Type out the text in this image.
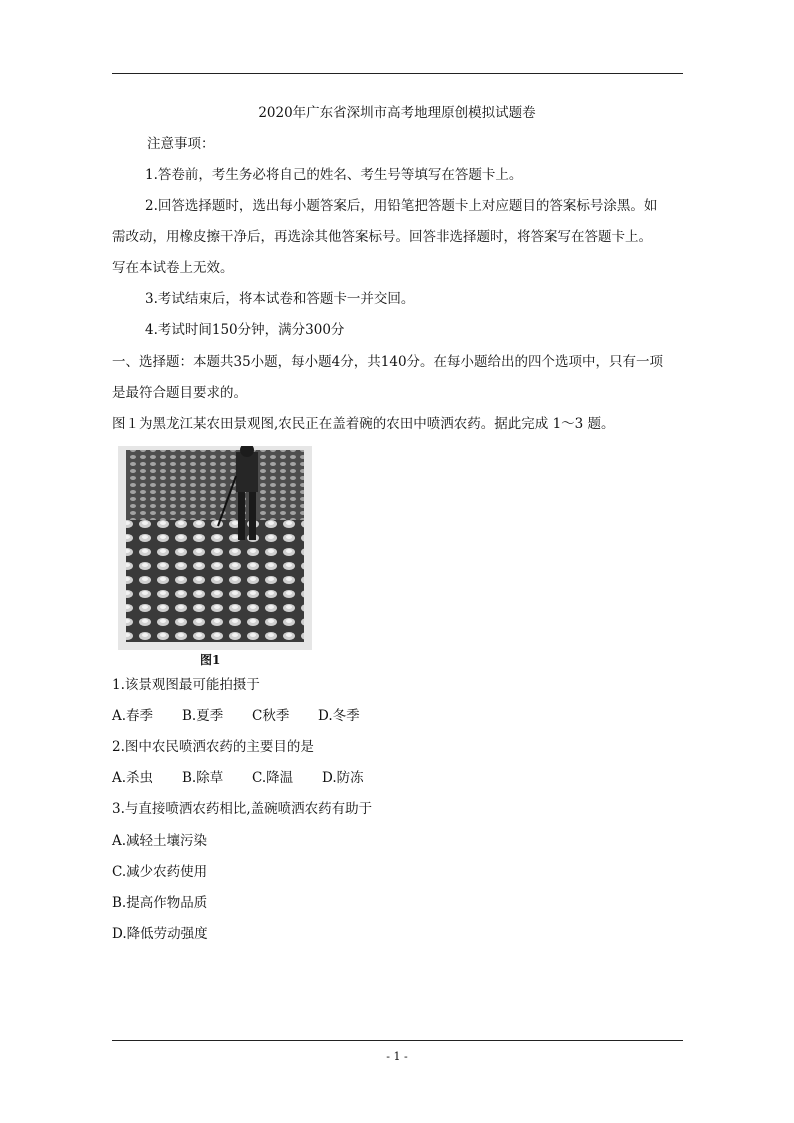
2020年广东省深圳市高考地理原创模拟试题卷
注意事项：
1.答卷前，考生务必将自己的姓名、考生号等填写在答题卡上。
2.回答选择题时，选出每小题答案后，用铅笔把答题卡上对应题目的答案标号涂黑。如
需改动，用橡皮擦干净后，再选涂其他答案标号。回答非选择题时，将答案写在答题卡上。
写在本试卷上无效。
3.考试结束后，将本试卷和答题卡一并交回。
4.考试时间150分钟，满分300分
一、选择题：本题共35小题，每小题4分，共140分。在每小题给出的四个选项中，只有一项
是最符合题目要求的。
图１为黑龙江某农田景观图,农民正在盖着碗的农田中喷洒农药。据此完成 1～3 题。
图1
1.该景观图最可能拍摄于
A.春季 B.夏季 C秋季 D.冬季
2.图中农民喷洒农药的主要目的是
A.杀虫 B.除草 C.降温 D.防冻
3.与直接喷洒农药相比,盖碗喷洒农药有助于
A.减轻土壤污染
C.减少农药使用
B.提高作物品质
D.降低劳动强度
- 1 -
